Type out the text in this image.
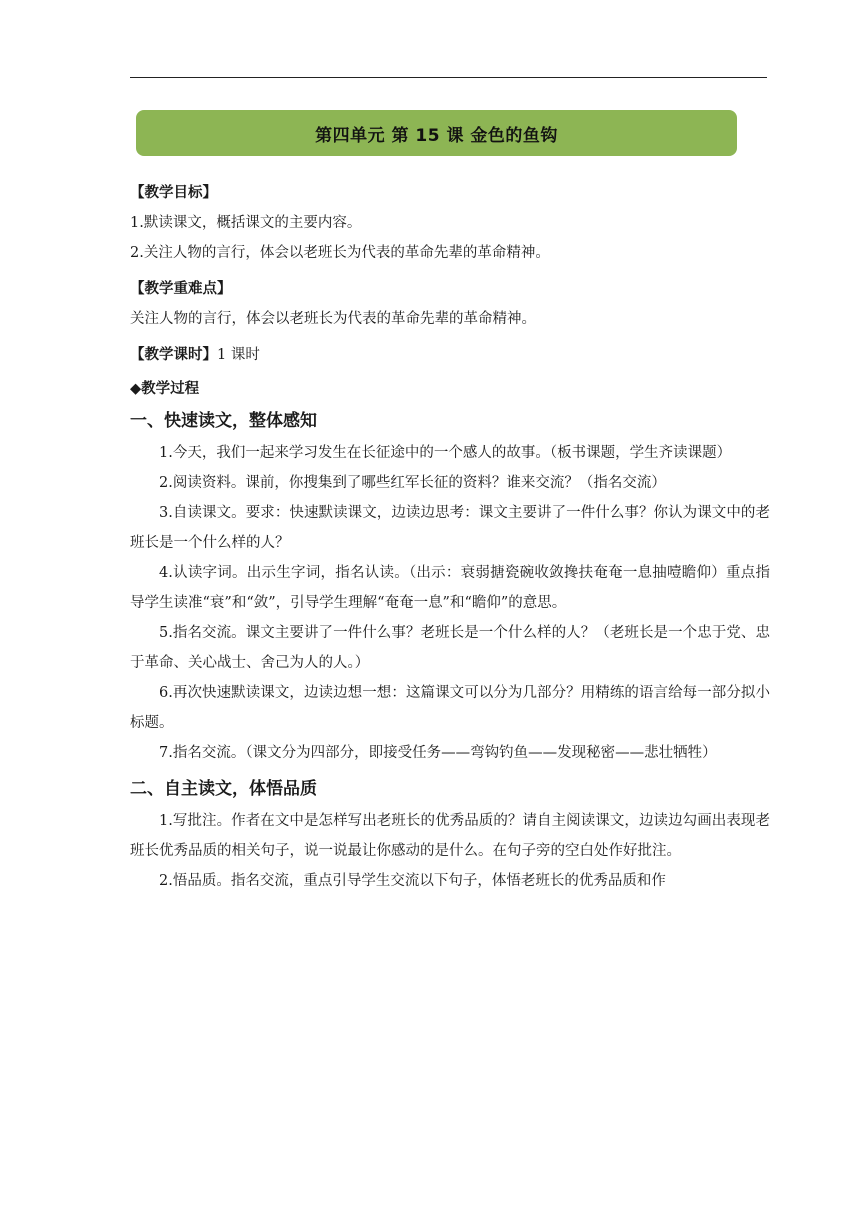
第四单元 第 15 课 金色的鱼钩

【教学目标】

1.默读课文，概括课文的主要内容。

2.关注人物的言行，体会以老班长为代表的革命先辈的革命精神。

【教学重难点】

关注人物的言行，体会以老班长为代表的革命先辈的革命精神。

【教学课时】1 课时

◆教学过程

一、快速读文，整体感知

1.今天，我们一起来学习发生在长征途中的一个感人的故事。（板书课题，学生齐读课题）

2.阅读资料。课前，你搜集到了哪些红军长征的资料？谁来交流？（指名交流）

3.自读课文。要求：快速默读课文，边读边思考：课文主要讲了一件什么事？你认为课文中的老班长是一个什么样的人？

4.认读字词。出示生字词，指名认读。（出示：衰弱搪瓷碗收敛搀扶奄奄一息抽噎瞻仰）重点指导学生读准“衰”和“敛”，引导学生理解“奄奄一息”和“瞻仰”的意思。

5.指名交流。课文主要讲了一件什么事？老班长是一个什么样的人？（老班长是一个忠于党、忠于革命、关心战士、舍己为人的人。）

6.再次快速默读课文，边读边想一想：这篇课文可以分为几部分？用精练的语言给每一部分拟小标题。

7.指名交流。（课文分为四部分，即接受任务——弯钩钓鱼——发现秘密——悲壮牺牲）

二、自主读文，体悟品质

1.写批注。作者在文中是怎样写出老班长的优秀品质的？请自主阅读课文，边读边勾画出表现老班长优秀品质的相关句子，说一说最让你感动的是什么。在句子旁的空白处作好批注。

2.悟品质。指名交流，重点引导学生交流以下句子，体悟老班长的优秀品质和作
